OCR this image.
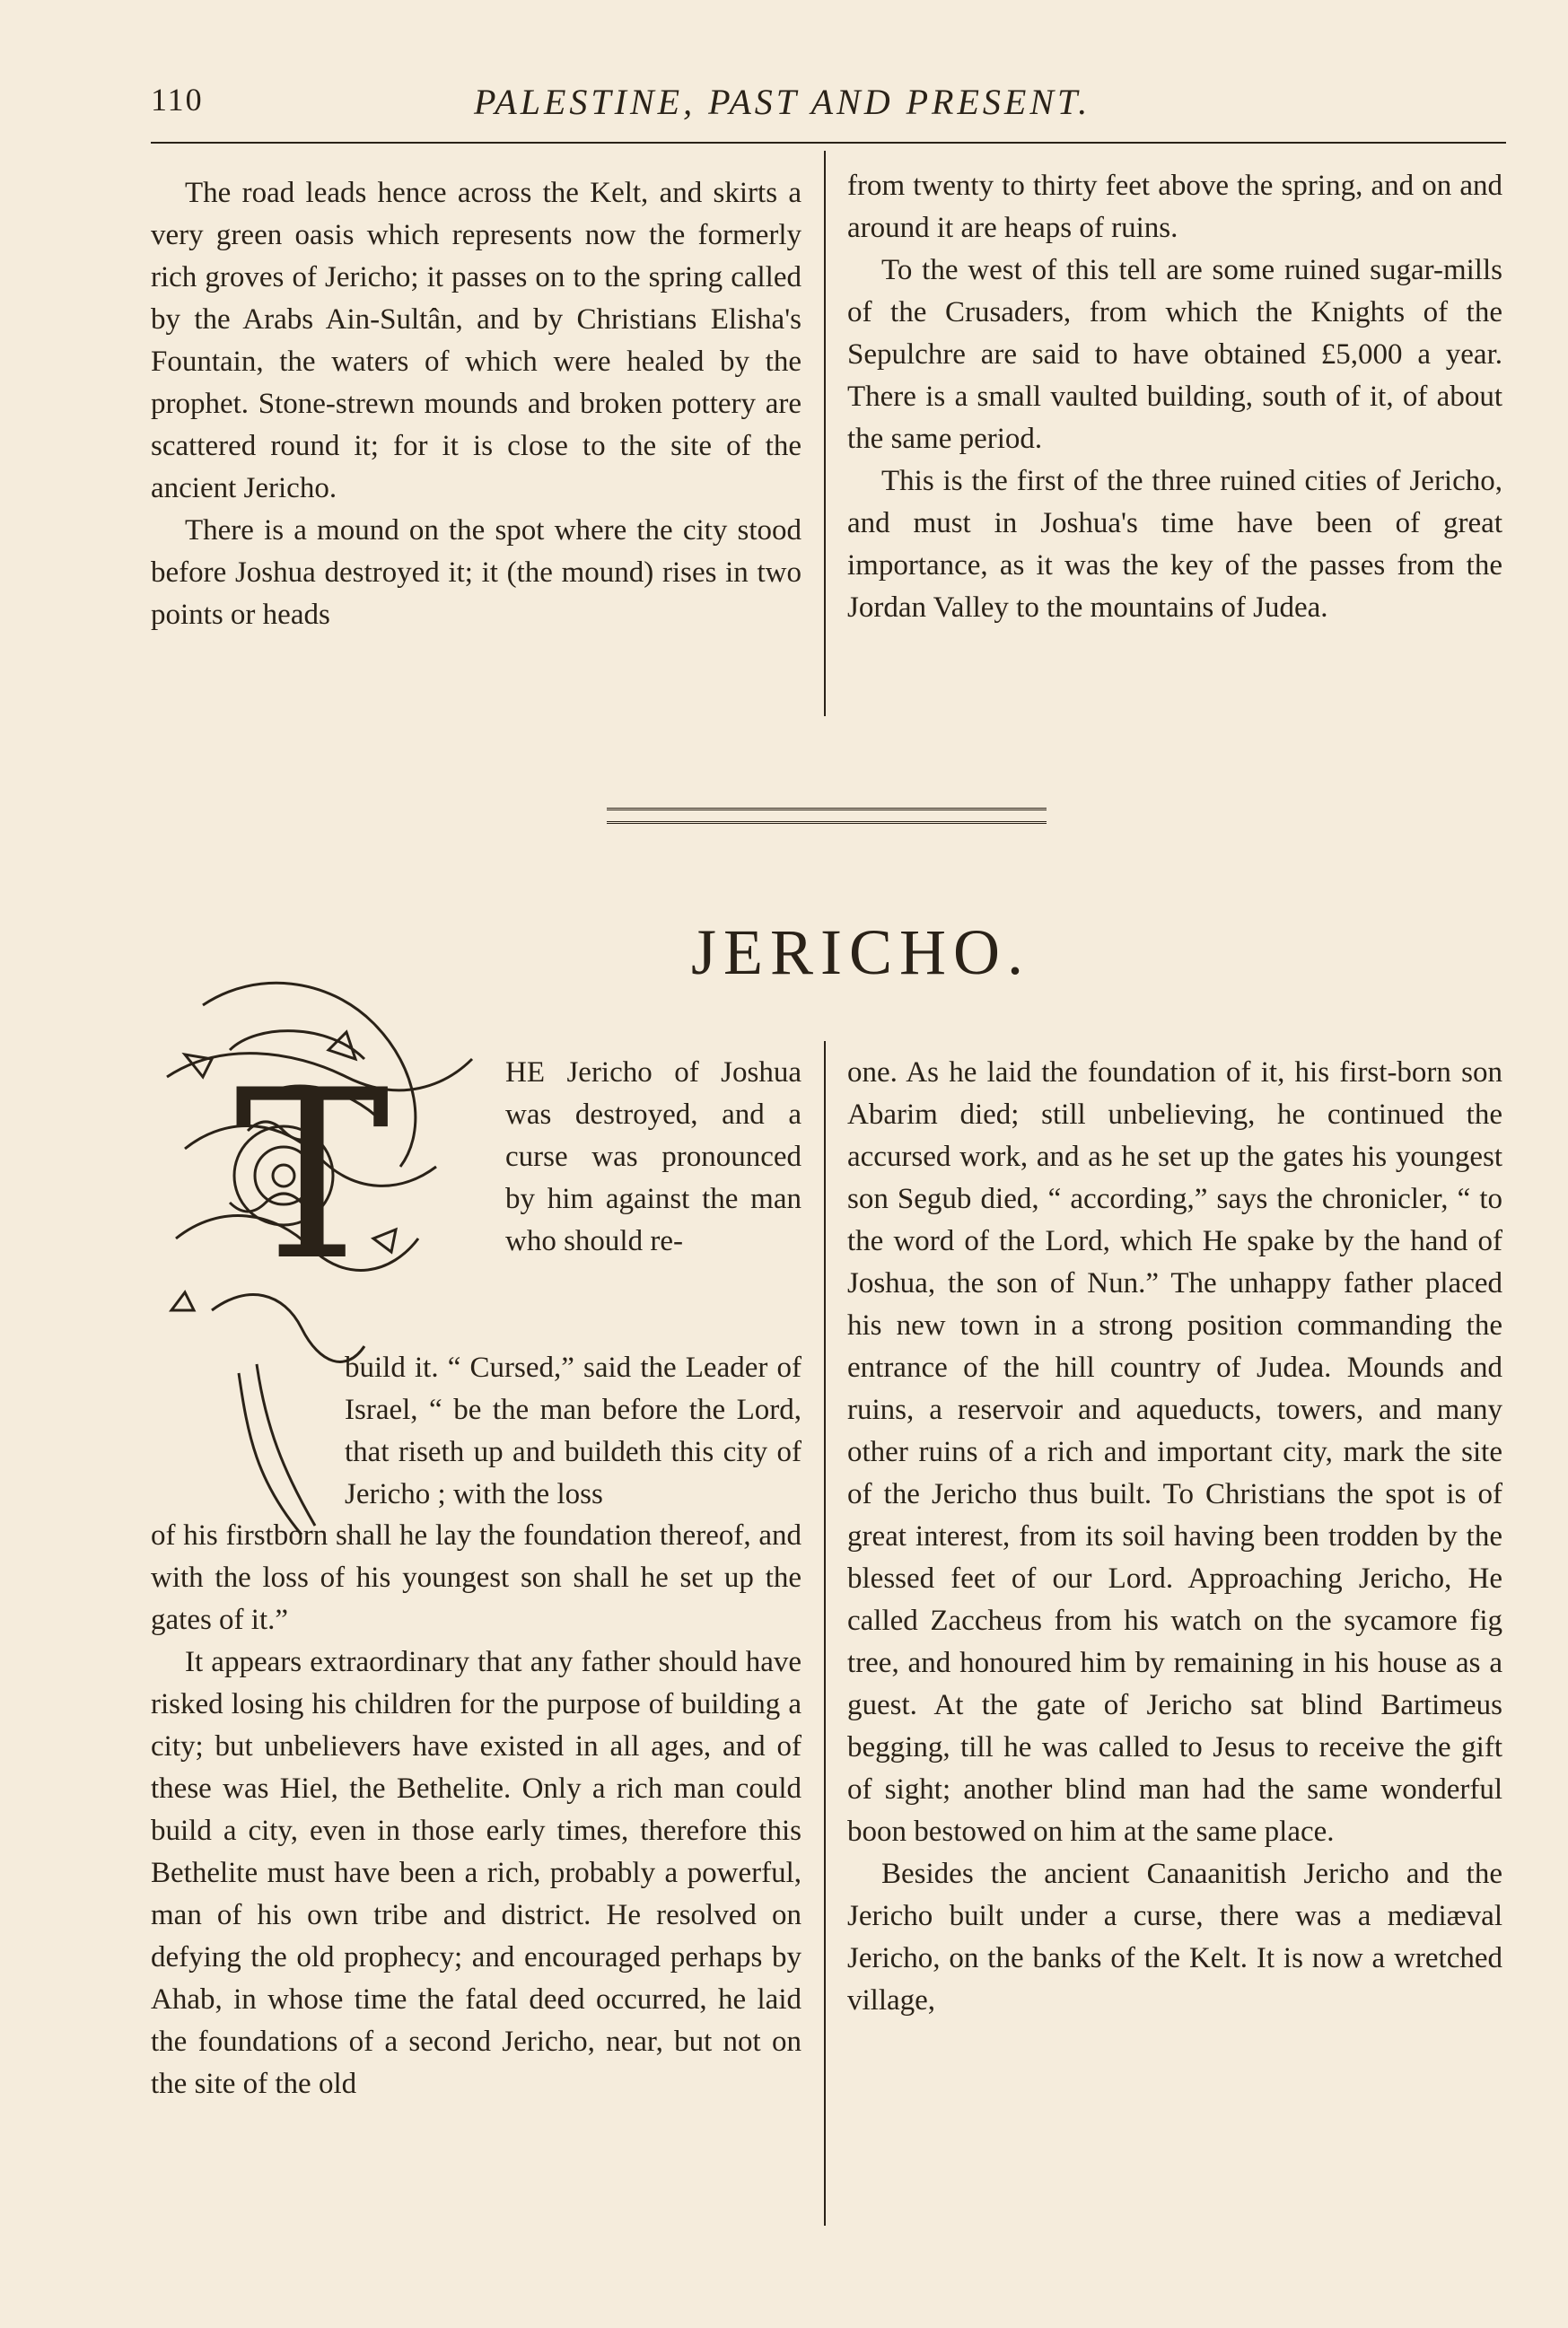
110	PALESTINE, PAST AND PRESENT.

The road leads hence across the Kelt, and skirts a very green oasis which represents now the formerly rich groves of Jericho; it passes on to the spring called by the Arabs Ain-Sultân, and by Christians Elisha's Fountain, the waters of which were healed by the prophet. Stone-strewn mounds and broken pottery are scattered round it; for it is close to the site of the ancient Jericho.

There is a mound on the spot where the city stood before Joshua destroyed it; it (the mound) rises in two points or heads

from twenty to thirty feet above the spring, and on and around it are heaps of ruins.

To the west of this tell are some ruined sugar-mills of the Crusaders, from which the Knights of the Sepulchre are said to have obtained £5,000 a year. There is a small vaulted building, south of it, of about the same period.

This is the first of the three ruined cities of Jericho, and must in Joshua's time have been of great importance, as it was the key of the passes from the Jordan Valley to the mountains of Judea.

JERICHO.
T	HE Jericho of Joshua was destroyed, and a curse was pronounced by him against the man who should re-

build it. “ Cursed,” said the Leader of Israel, “ be the man before the Lord, that riseth up and buildeth this city of Jericho ; with the loss

of his firstborn shall he lay the foundation thereof, and with the loss of his youngest son shall he set up the gates of it.”

It appears extraordinary that any father should have risked losing his children for the purpose of building a city; but unbelievers have existed in all ages, and of these was Hiel, the Bethelite. Only a rich man could build a city, even in those early times, therefore this Bethelite must have been a rich, probably a powerful, man of his own tribe and district. He resolved on defying the old prophecy; and encouraged perhaps by Ahab, in whose time the fatal deed occurred, he laid the foundations of a second Jericho, near, but not on the site of the old

one. As he laid the foundation of it, his first-born son Abarim died; still unbelieving, he continued the accursed work, and as he set up the gates his youngest son Segub died, “ according,” says the chronicler, “ to the word of the Lord, which He spake by the hand of Joshua, the son of Nun.” The unhappy father placed his new town in a strong position commanding the entrance of the hill country of Judea. Mounds and ruins, a reservoir and aqueducts, towers, and many other ruins of a rich and important city, mark the site of the Jericho thus built. To Christians the spot is of great interest, from its soil having been trodden by the blessed feet of our Lord. Approaching Jericho, He called Zaccheus from his watch on the sycamore fig tree, and honoured him by remaining in his house as a guest. At the gate of Jericho sat blind Bartimeus begging, till he was called to Jesus to receive the gift of sight; another blind man had the same wonderful boon bestowed on him at the same place.

Besides the ancient Canaanitish Jericho and the Jericho built under a curse, there was a mediæval Jericho, on the banks of the Kelt. It is now a wretched village,
